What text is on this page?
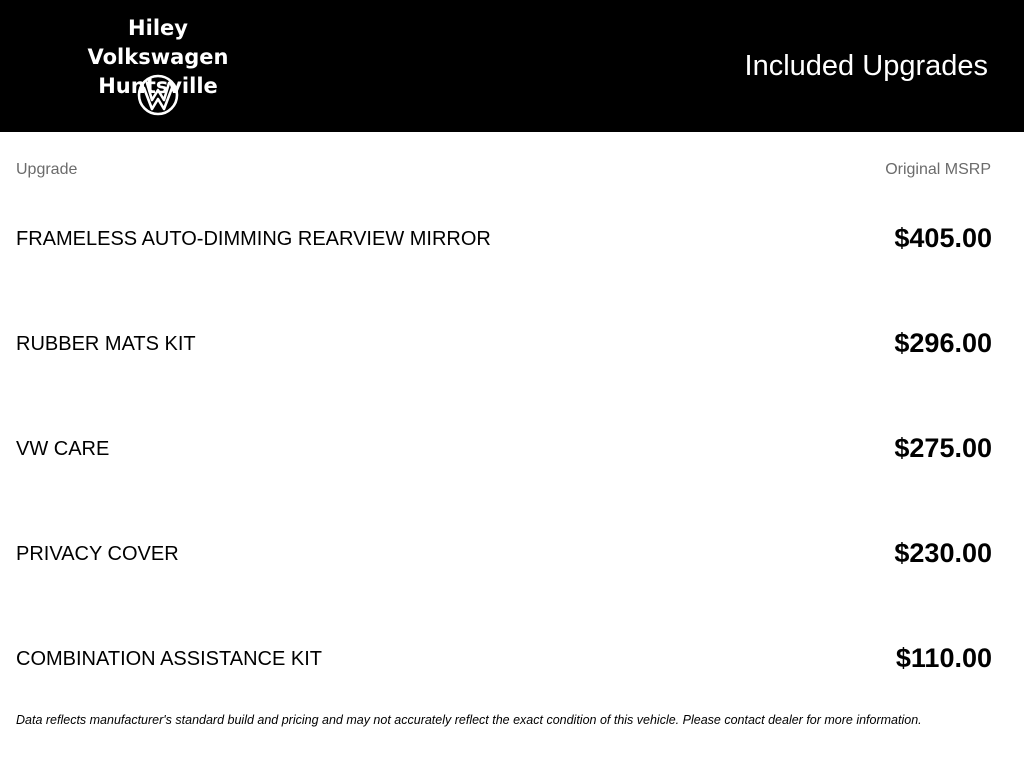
Hiley Volkswagen
Huntsville
Included Upgrades
Upgrade	Original MSRP
FRAMELESS AUTO-DIMMING REARVIEW MIRROR	$405.00
RUBBER MATS KIT	$296.00
VW CARE	$275.00
PRIVACY COVER	$230.00
COMBINATION ASSISTANCE KIT	$110.00
Data reflects manufacturer's standard build and pricing and may not accurately reflect the exact condition of this vehicle. Please contact dealer for more information.
